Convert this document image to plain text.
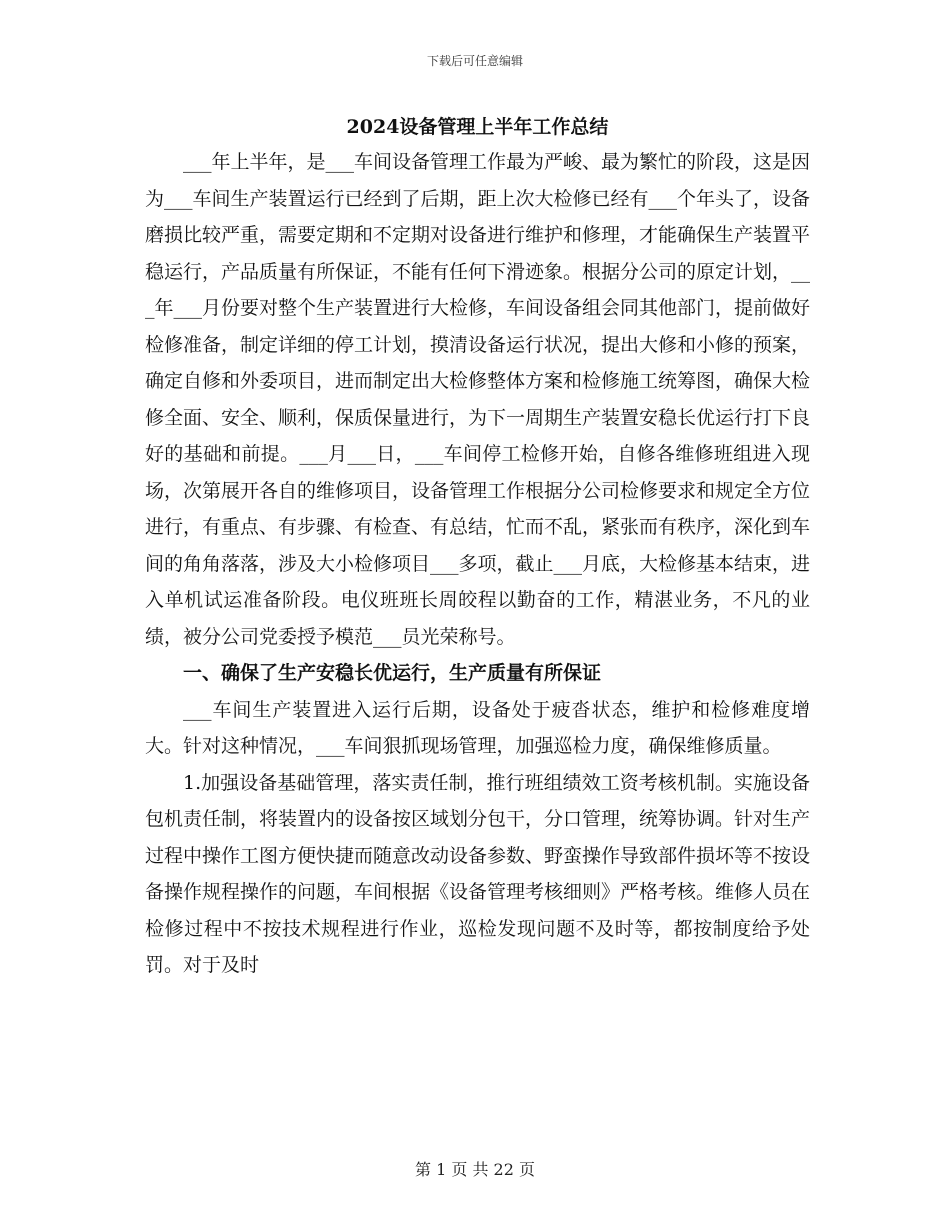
下载后可任意编辑
2024设备管理上半年工作总结

___年上半年，是___车间设备管理工作最为严峻、最为繁忙的阶段，这是因为___车间生产装置运行已经到了后期，距上次大检修已经有___个年头了，设备磨损比较严重，需要定期和不定期对设备进行维护和修理，才能确保生产装置平稳运行，产品质量有所保证，不能有任何下滑迹象。根据分公司的原定计划，___年___月份要对整个生产装置进行大检修，车间设备组会同其他部门，提前做好检修准备，制定详细的停工计划，摸清设备运行状况，提出大修和小修的预案，确定自修和外委项目，进而制定出大检修整体方案和检修施工统筹图，确保大检修全面、安全、顺利，保质保量进行，为下一周期生产装置安稳长优运行打下良好的基础和前提。___月___日，___车间停工检修开始，自修各维修班组进入现场，次第展开各自的维修项目，设备管理工作根据分公司检修要求和规定全方位进行，有重点、有步骤、有检查、有总结，忙而不乱，紧张而有秩序，深化到车间的角角落落，涉及大小检修项目___多项，截止___月底，大检修基本结束，进入单机试运准备阶段。电仪班班长周皎程以勤奋的工作，精湛业务，不凡的业绩，被分公司党委授予模范___员光荣称号。

一、确保了生产安稳长优运行，生产质量有所保证

___车间生产装置进入运行后期，设备处于疲沓状态，维护和检修难度增大。针对这种情况，___车间狠抓现场管理，加强巡检力度，确保维修质量。

1.加强设备基础管理，落实责任制，推行班组绩效工资考核机制。实施设备包机责任制，将装置内的设备按区域划分包干，分口管理，统筹协调。针对生产过程中操作工图方便快捷而随意改动设备参数、野蛮操作导致部件损坏等不按设备操作规程操作的问题，车间根据《设备管理考核细则》严格考核。维修人员在检修过程中不按技术规程进行作业，巡检发现问题不及时等，都按制度给予处罚。对于及时

第 1 页 共 22 页
